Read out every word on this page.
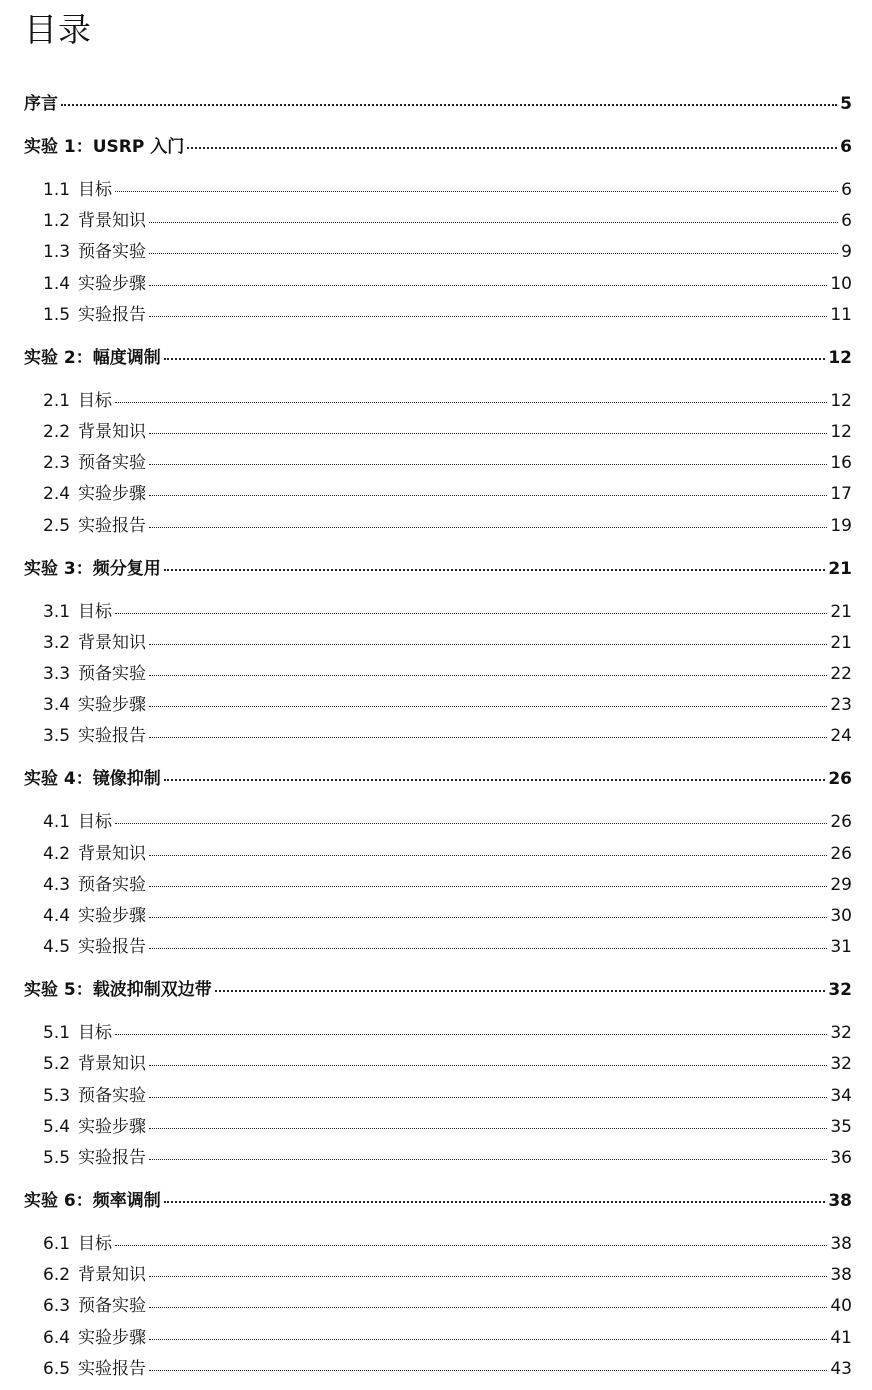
目录
序言	5
实验 1：USRP 入门	6
1.1 目标	6
1.2 背景知识	6
1.3 预备实验	9
1.4 实验步骤	10
1.5 实验报告	11
实验 2：幅度调制	12
2.1 目标	12
2.2 背景知识	12
2.3 预备实验	16
2.4 实验步骤	17
2.5 实验报告	19
实验 3：频分复用	21
3.1 目标	21
3.2 背景知识	21
3.3 预备实验	22
3.4 实验步骤	23
3.5 实验报告	24
实验 4：镜像抑制	26
4.1 目标	26
4.2 背景知识	26
4.3 预备实验	29
4.4 实验步骤	30
4.5 实验报告	31
实验 5：载波抑制双边带	32
5.1 目标	32
5.2 背景知识	32
5.3 预备实验	34
5.4 实验步骤	35
5.5 实验报告	36
实验 6：频率调制	38
6.1 目标	38
6.2 背景知识	38
6.3 预备实验	40
6.4 实验步骤	41
6.5 实验报告	43
